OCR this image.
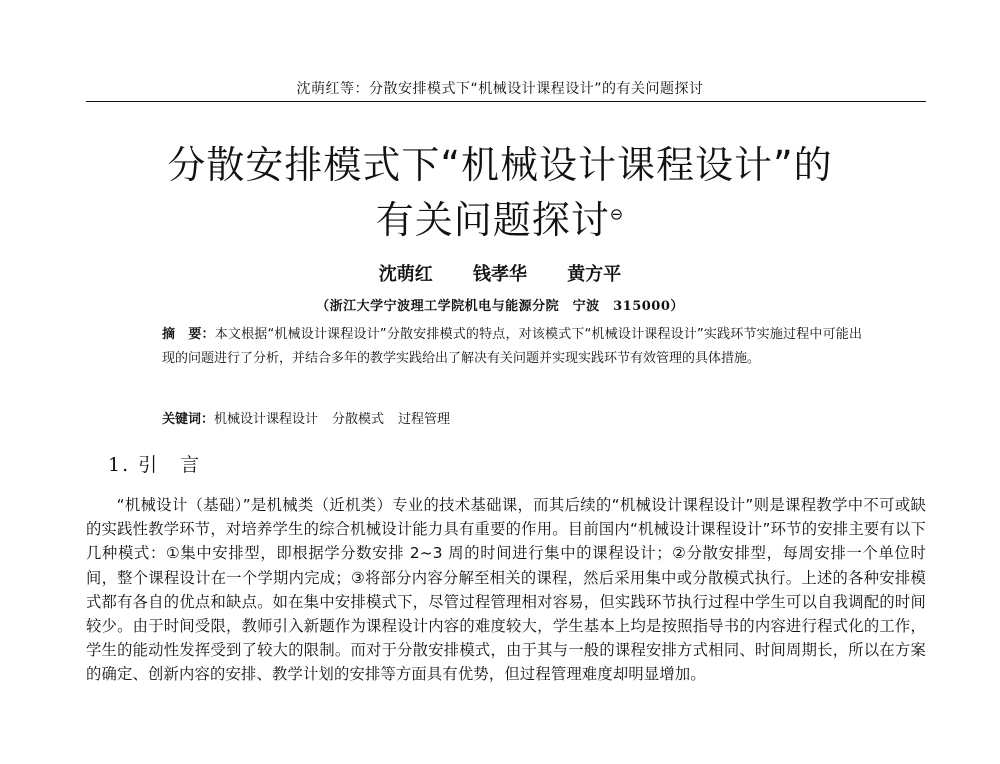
沈萌红等：分散安排模式下“机械设计课程设计”的有关问题探讨
分散安排模式下“机械设计课程设计”的
有关问题探讨⊖
沈萌红 钱孝华 黄方平
（浙江大学宁波理工学院机电与能源分院　宁波　315000）
摘　要：本文根据“机械设计课程设计”分散安排模式的特点，对该模式下“机械设计课程设计”实践环节实施过程中可能出现的问题进行了分析，并结合多年的教学实践给出了解决有关问题并实现实践环节有效管理的具体措施。
关键词：机械设计课程设计 分散模式 过程管理
1. 引　言
“机械设计（基础）”是机械类（近机类）专业的技术基础课，而其后续的“机械设计课程设计”则是课程教学中不可或缺的实践性教学环节，对培养学生的综合机械设计能力具有重要的作用。目前国内“机械设计课程设计”环节的安排主要有以下几种模式：①集中安排型，即根据学分数安排 2~3 周的时间进行集中的课程设计；②分散安排型，每周安排一个单位时间，整个课程设计在一个学期内完成；③将部分内容分解至相关的课程，然后采用集中或分散模式执行。上述的各种安排模式都有各自的优点和缺点。如在集中安排模式下，尽管过程管理相对容易，但实践环节执行过程中学生可以自我调配的时间较少。由于时间受限，教师引入新题作为课程设计内容的难度较大，学生基本上均是按照指导书的内容进行程式化的工作，学生的能动性发挥受到了较大的限制。而对于分散安排模式，由于其与一般的课程安排方式相同、时间周期长，所以在方案的确定、创新内容的安排、教学计划的安排等方面具有优势，但过程管理难度却明显增加。
